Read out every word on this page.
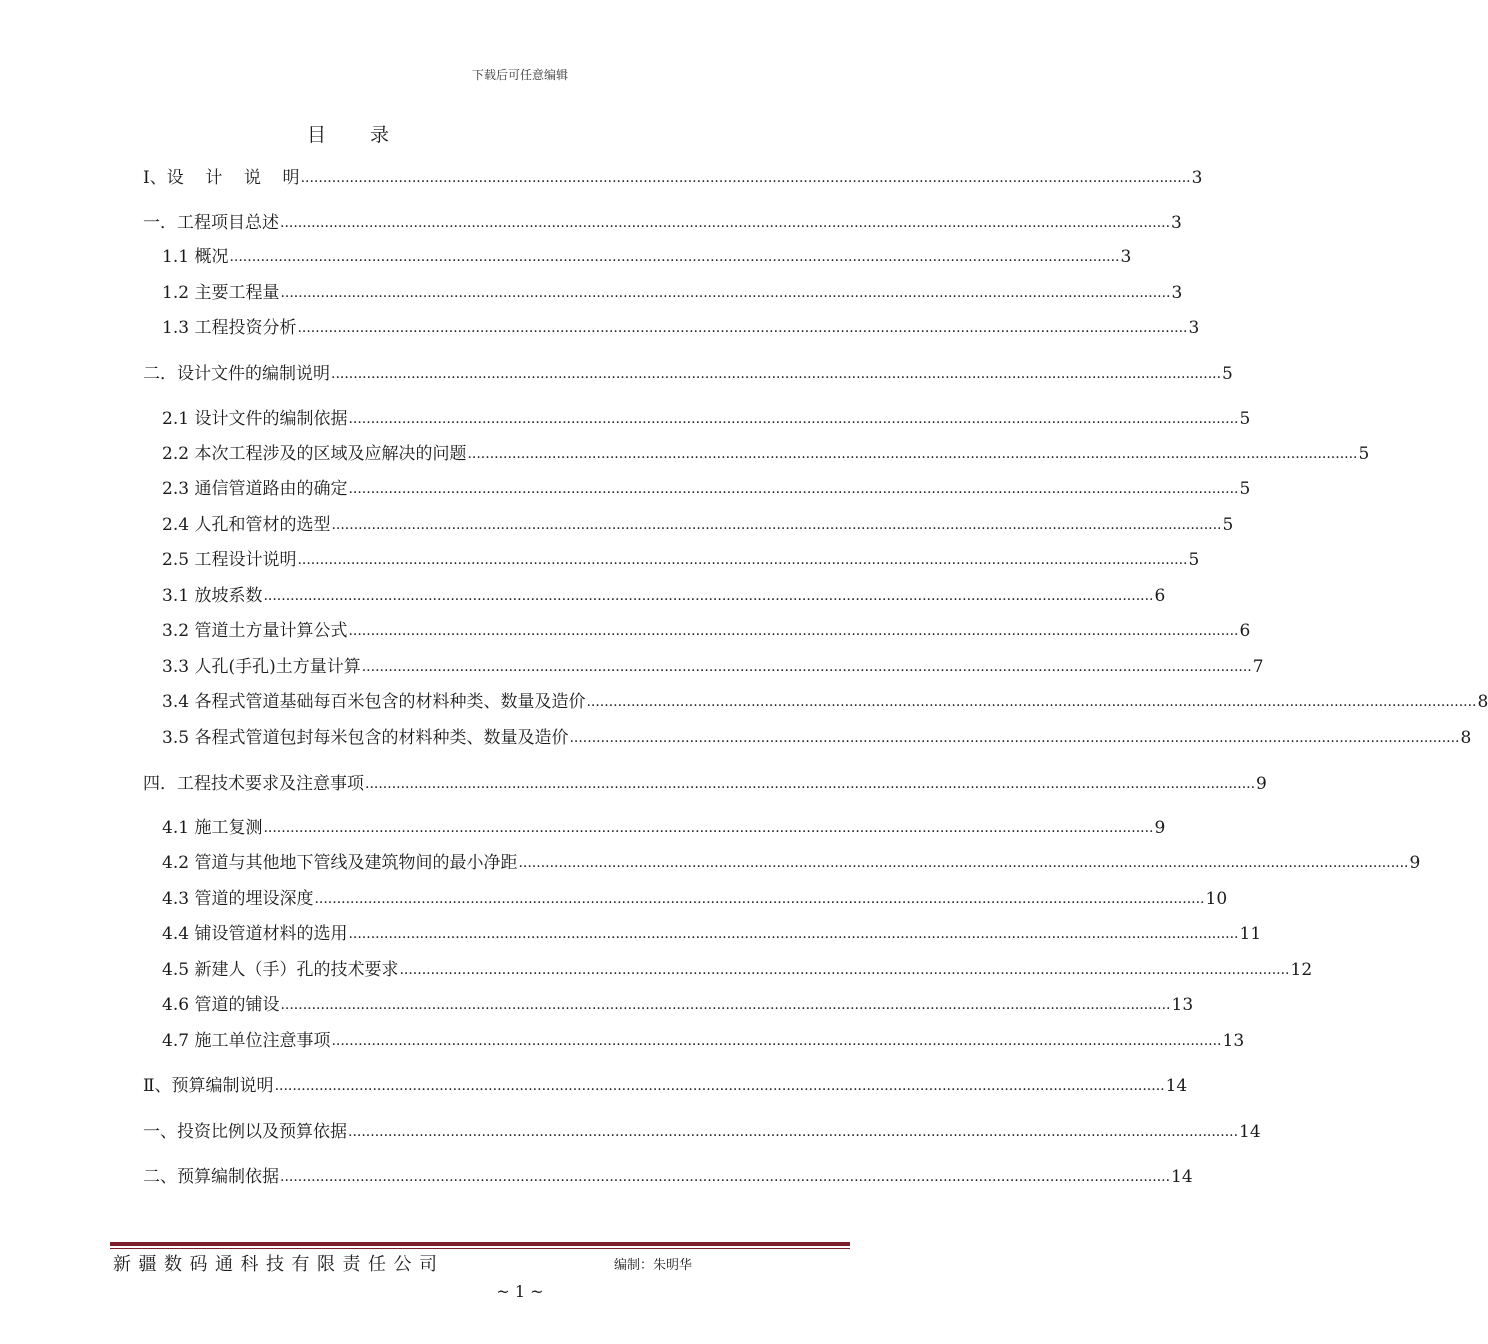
下载后可任意编辑
目录
I、设    计    说    明 ........................................................................................................................................................................................................ 3
一．工程项目总述 ........................................................................................................................................................................................................ 3
1.1 概况 ........................................................................................................................................................................................................ 3
1.2 主要工程量 ........................................................................................................................................................................................................ 3
1.3 工程投资分析 ........................................................................................................................................................................................................ 3
二．设计文件的编制说明 ........................................................................................................................................................................................................ 5
2.1 设计文件的编制依据 ........................................................................................................................................................................................................ 5
2.2 本次工程涉及的区域及应解决的问题 ........................................................................................................................................................................................................ 5
2.3 通信管道路由的确定 ........................................................................................................................................................................................................ 5
2.4 人孔和管材的选型 ........................................................................................................................................................................................................ 5
2.5 工程设计说明 ........................................................................................................................................................................................................ 5
3.1 放坡系数 ........................................................................................................................................................................................................ 6
3.2 管道土方量计算公式 ........................................................................................................................................................................................................ 6
3.3 人孔(手孔)土方量计算 ........................................................................................................................................................................................................ 7
3.4 各程式管道基础每百米包含的材料种类、数量及造价 ........................................................................................................................................................................................................ 8
3.5 各程式管道包封每米包含的材料种类、数量及造价 ........................................................................................................................................................................................................ 8
四．工程技术要求及注意事项 ........................................................................................................................................................................................................ 9
4.1 施工复测 ........................................................................................................................................................................................................ 9
4.2 管道与其他地下管线及建筑物间的最小净距 ........................................................................................................................................................................................................ 9
4.3 管道的埋设深度 ........................................................................................................................................................................................................ 10
4.4 铺设管道材料的选用 ........................................................................................................................................................................................................ 11
4.5 新建人（手）孔的技术要求 ........................................................................................................................................................................................................ 12
4.6 管道的铺设 ........................................................................................................................................................................................................ 13
4.7 施工单位注意事项 ........................................................................................................................................................................................................ 13
Ⅱ、预算编制说明 ........................................................................................................................................................................................................ 14
一、投资比例以及预算依据 ........................................................................................................................................................................................................ 14
二、预算编制依据 ........................................................................................................................................................................................................ 14
新疆数码通科技有限责任公司	编制：朱明华
~ 1 ~
